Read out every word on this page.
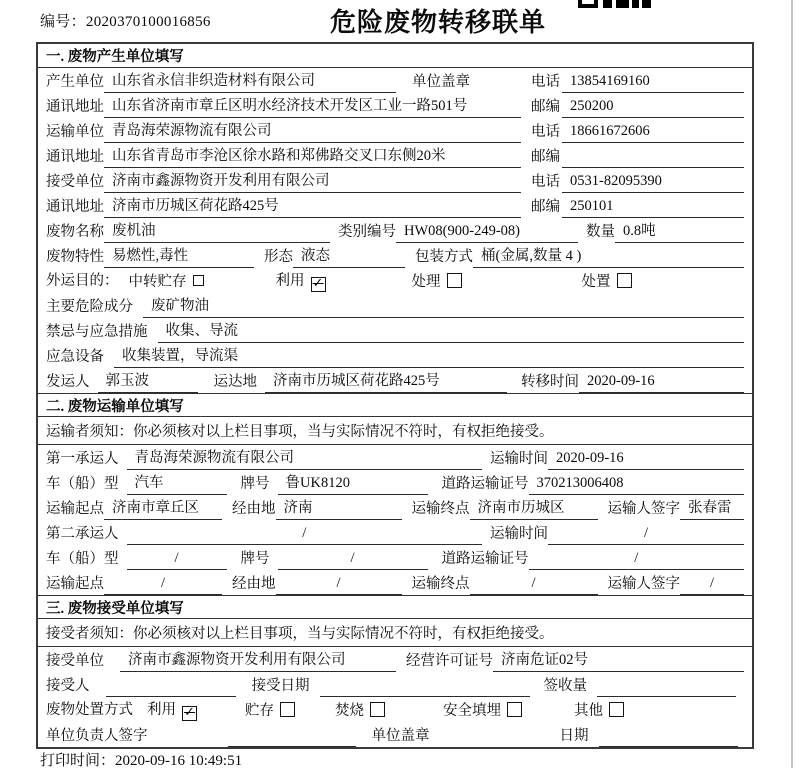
编号：2020370100016856	危险废物转移联单
一. 废物产生单位填写
产生单位 山东省永信非织造材料有限公司	单位盖章	电话 13854169160
通讯地址 山东省济南市章丘区明水经济技术开发区工业一路501号	邮编 250200
运输单位 青岛海荣源物流有限公司	电话 18661672606
通讯地址 山东省青岛市李沧区徐水路和郑佛路交叉口东侧20米	邮编
接受单位 济南市鑫源物资开发利用有限公司	电话 0531-82095390
通讯地址 济南市历城区荷花路425号	邮编 250101
废物名称 废机油	类别编号 HW08(900-249-08)	数量 0.8吨
废物特性 易燃性,毒性	形态 液态	包装方式 桶(金属,数量 4 )
外运目的： 中转贮存	利用 ✓	处理	处置
主要危险成分	废矿物油
禁忌与应急措施	收集、导流
应急设备	收集装置，导流渠
发运人	郭玉波	运达地	济南市历城区荷花路425号	转移时间 2020-09-16
二. 废物运输单位填写
运输者须知：你必须核对以上栏目事项，当与实际情况不符时，有权拒绝接受。
第一承运人	青岛海荣源物流有限公司	运输时间 2020-09-16
车（船）型	汽车	牌号	鲁UK8120	道路运输证号 370213006408
运输起点 济南市章丘区	经由地 济南	运输终点 济南市历城区	运输人签字 张春雷
第二承运人	/	运输时间	/
车（船）型	/	牌号	/	道路运输证号	/
运输起点	/	经由地	/	运输终点	/	运输人签字	/
三. 废物接受单位填写
接受者须知：你必须核对以上栏目事项，当与实际情况不符时，有权拒绝接受。
接受单位	济南市鑫源物资开发利用有限公司	经营许可证号 济南危证02号
接受人	接受日期	签收量
废物处置方式 利用 ✓	贮存	焚烧	安全填埋	其他
单位负责人签字	单位盖章	日期
打印时间：2020-09-16 10:49:51
